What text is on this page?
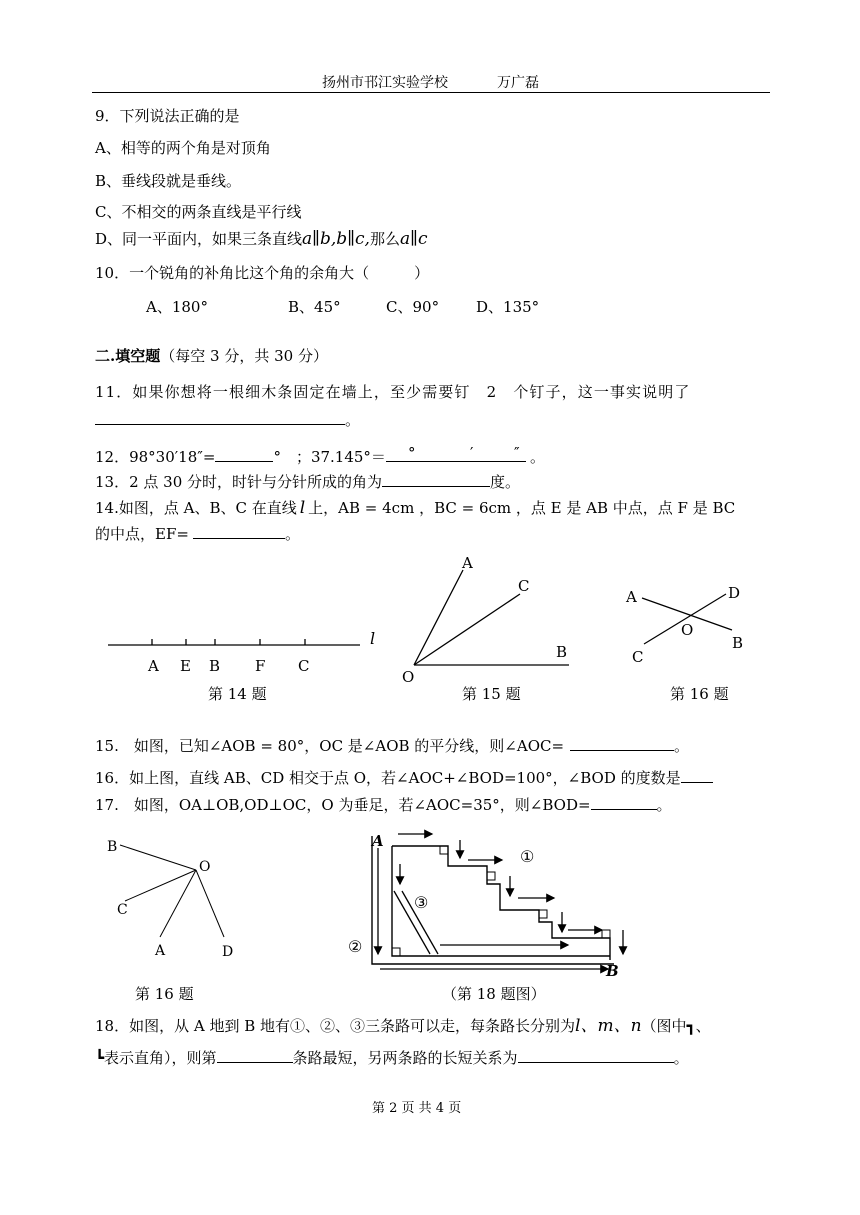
扬州市邗江实验学校	万广磊
9．下列说法正确的是
A、相等的两个角是对顶角
B、垂线段就是垂线。
C、不相交的两条直线是平行线
D、同一平面内，如果三条直线a∥b,b∥c,那么a∥c
10．一个锐角的补角比这个角的余角大（　　　）
A、180°	B、45°	C、90° D、135°
二.填空题（每空 3 分，共 30 分）
11．如果你想将一根细木条固定在墙上，至少需要钉　2　个钉子，这一事实说明了
。
12．98°30′18″=	°　；37.145°＝ °	′	″ 。
13．2 点 30 分时，时针与分针所成的角为	度。
14.如图，点 A、B、C 在直线 l 上，AB = 4cm ，BC = 6cm ，点 E 是 AB 中点，点 F 是 BC
的中点，EF=	。
A E B F C
l
第 14 题
A
C
B
O
第 15 题
A	D
O
B
C
第 16 题
15.　如图，已知∠AOB = 80°，OC 是∠AOB 的平分线，则∠AOC=	。
16．如上图，直线 AB、CD 相交于点 O，若∠AOC+∠BOD=100°，∠BOD 的度数是
17.　如图，OA⊥OB,OD⊥OC，O 为垂足，若∠AOC=35°，则∠BOD=	。
B
O
C
A	D
第 16 题
A
B
①
②
③
（第 18 题图）
18．如图，从 A 地到 B 地有①、②、③三条路可以走，每条路长分别为l、m、n（图中┓、
┗表示直角），则第	条路最短，另两条路的长短关系为	。
第 2 页 共 4 页
